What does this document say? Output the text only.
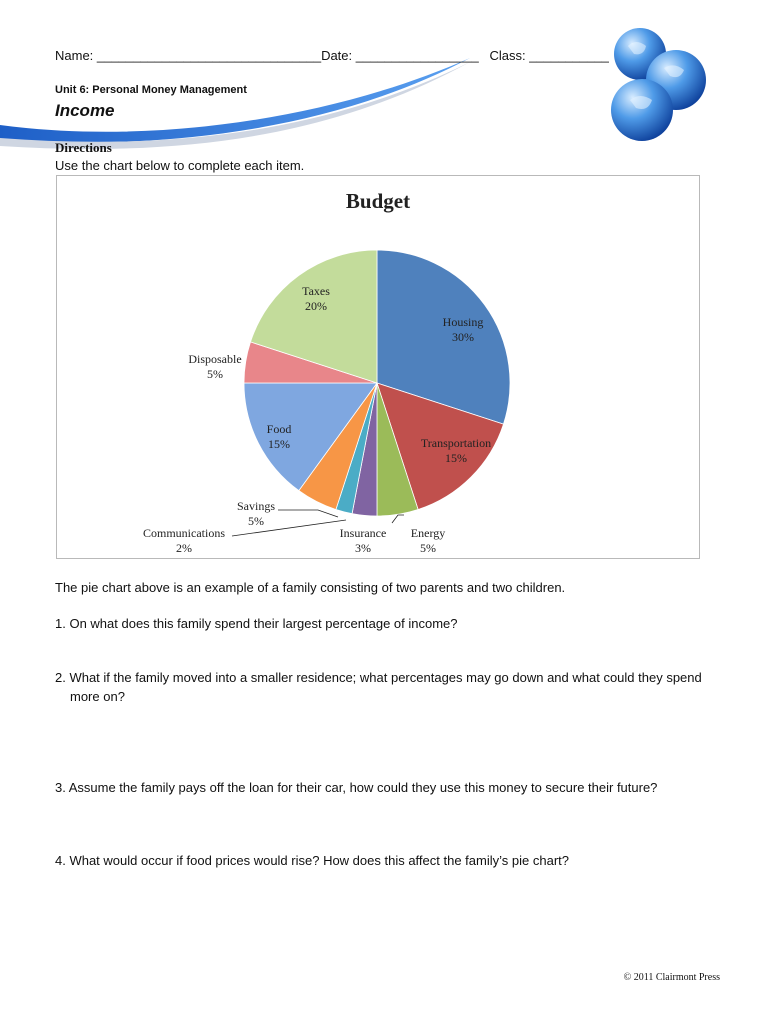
Name: _______________________________Date: _________________ Class: ___________
Unit 6: Personal Money Management
Income
Directions
Use the chart below to complete each item.
Budget
Housing
30%
Transportation
15%
Energy
5%
Insurance
3%
Communications
2%
Savings
5%
Food
15%
Disposable
5%
Taxes
20%
The pie chart above is an example of a family consisting of two parents and two children.
1. On what does this family spend their largest percentage of income?
2. What if the family moved into a smaller residence; what percentages may go down and what could they spend more on?
3. Assume the family pays off the loan for their car, how could they use this money to secure their future?
4. What would occur if food prices would rise? How does this affect the family’s pie chart?
© 2011 Clairmont Press
